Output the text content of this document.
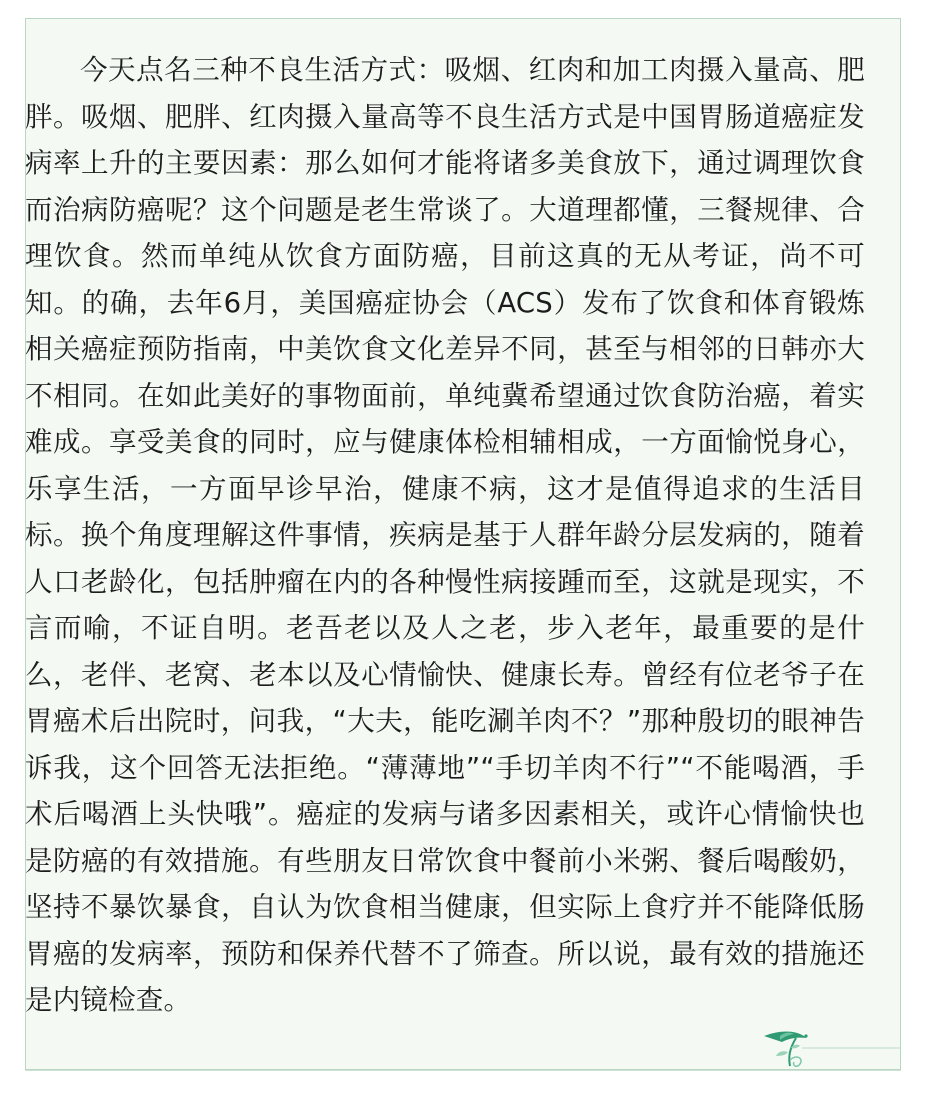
今天点名三种不良生活方式：吸烟、红肉和加工肉摄入量高、肥胖。吸烟、肥胖、红肉摄入量高等不良生活方式是中国胃肠道癌症发病率上升的主要因素：那么如何才能将诸多美食放下，通过调理饮食而治病防癌呢？这个问题是老生常谈了。大道理都懂，三餐规律、合理饮食。然而单纯从饮食方面防癌，目前这真的无从考证，尚不可知。的确，去年6月，美国癌症协会（ACS）发布了饮食和体育锻炼相关癌症预防指南，中美饮食文化差异不同，甚至与相邻的日韩亦大不相同。在如此美好的事物面前，单纯冀希望通过饮食防治癌，着实难成。享受美食的同时，应与健康体检相辅相成，一方面愉悦身心，乐享生活，一方面早诊早治，健康不病，这才是值得追求的生活目标。换个角度理解这件事情，疾病是基于人群年龄分层发病的，随着人口老龄化，包括肿瘤在内的各种慢性病接踵而至，这就是现实，不言而喻，不证自明。老吾老以及人之老，步入老年，最重要的是什么，老伴、老窝、老本以及心情愉快、健康长寿。曾经有位老爷子在胃癌术后出院时，问我，“大夫，能吃涮羊肉不？”那种殷切的眼神告诉我，这个回答无法拒绝。“薄薄地”“手切羊肉不行”“不能喝酒，手术后喝酒上头快哦”。癌症的发病与诸多因素相关，或许心情愉快也是防癌的有效措施。有些朋友日常饮食中餐前小米粥、餐后喝酸奶，坚持不暴饮暴食，自认为饮食相当健康，但实际上食疗并不能降低肠胃癌的发病率，预防和保养代替不了筛查。所以说，最有效的措施还是内镜检查。
